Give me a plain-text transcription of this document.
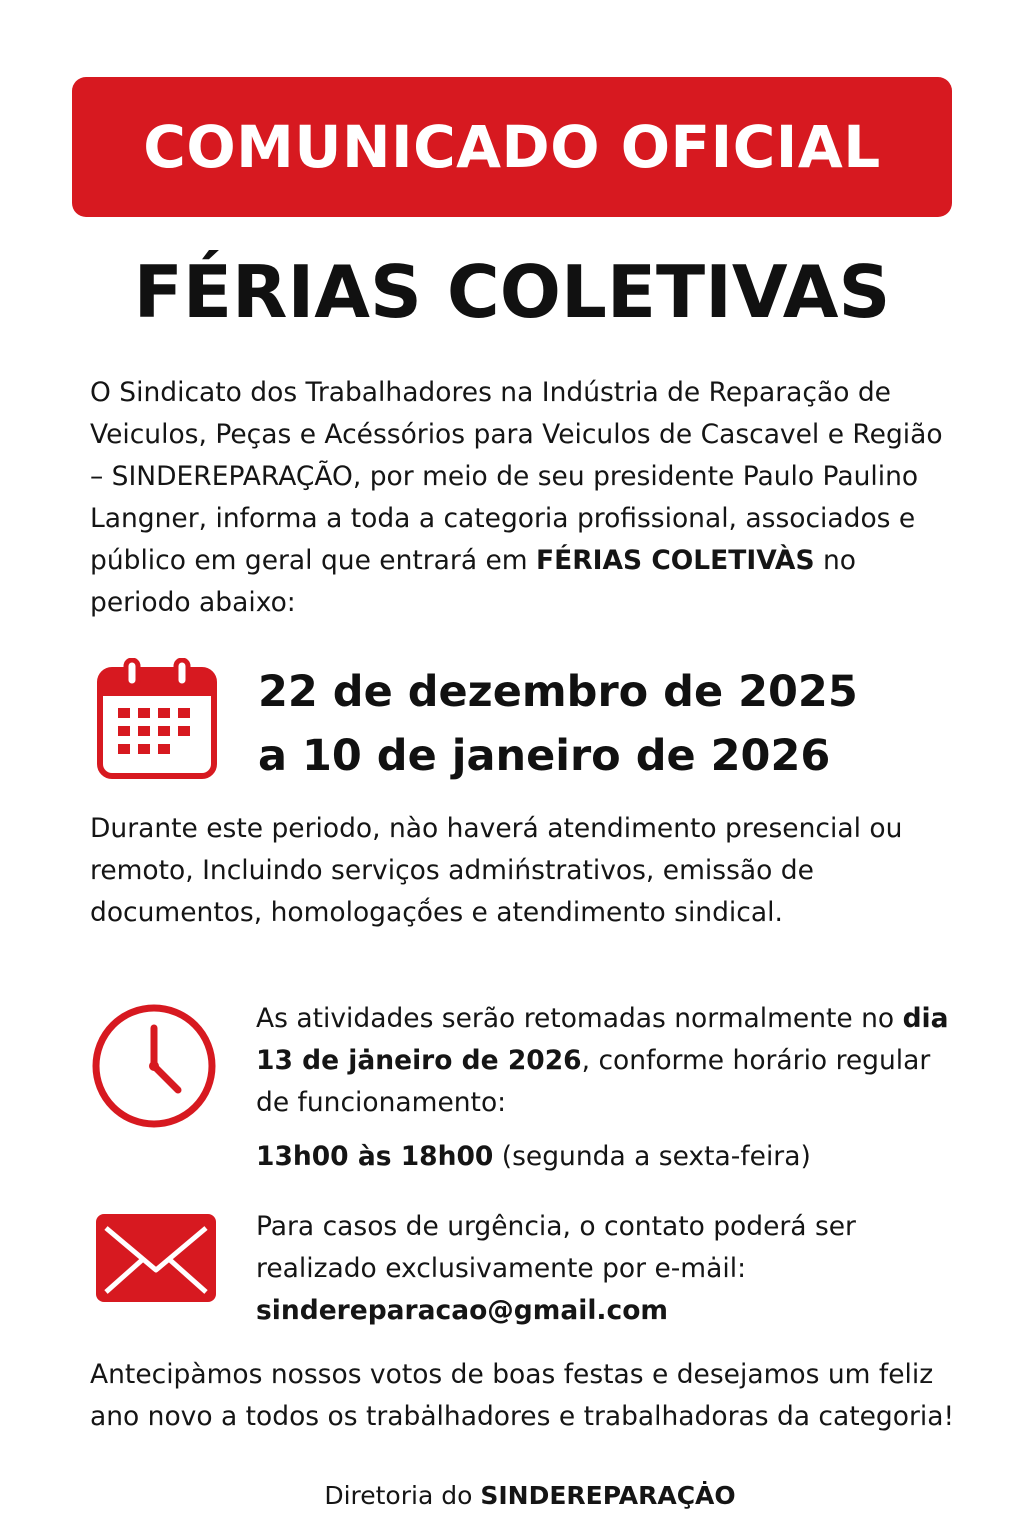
COMUNICADO OFICIAL
FÉRIAS COLETIVAS

O Sindicato dos Trabalhadores na Indústria de Reparação de Veiculos, Peças e Acéssórios para Veiculos de Cascavel e Região – SINDEREPARAÇÃO, por meio de seu presidente Paulo Paulino Langner, informa a toda a categoria profissional, associados e público em geral que entrará em FÉRIAS COLETIVÀS no periodo abaixo:

22 de dezembro de 2025
a 10 de janeiro de 2026

Durante este periodo, nào haverá atendimento presencial ou remoto, Incluindo serviços admiństrativos, emissão de documentos, homologaçṍes e atendimento sindical.

As atividades serão retomadas normalmente no dia 13 de jȧneiro de 2026, conforme horário regular de funcionamento:

13h00 às 18h00 (segunda a sexta-feira)

Para casos de urgência, o contato poderá ser realizado exclusivamente por e-mȧil:

sindereparacao@gmail.com

Antecipàmos nossos votos de boas festas e desejamos um feliz ano novo a todos os trabȧlhadores e trabalhadoras da categoria!

Diretoria do SINDEREPARAÇȦO
